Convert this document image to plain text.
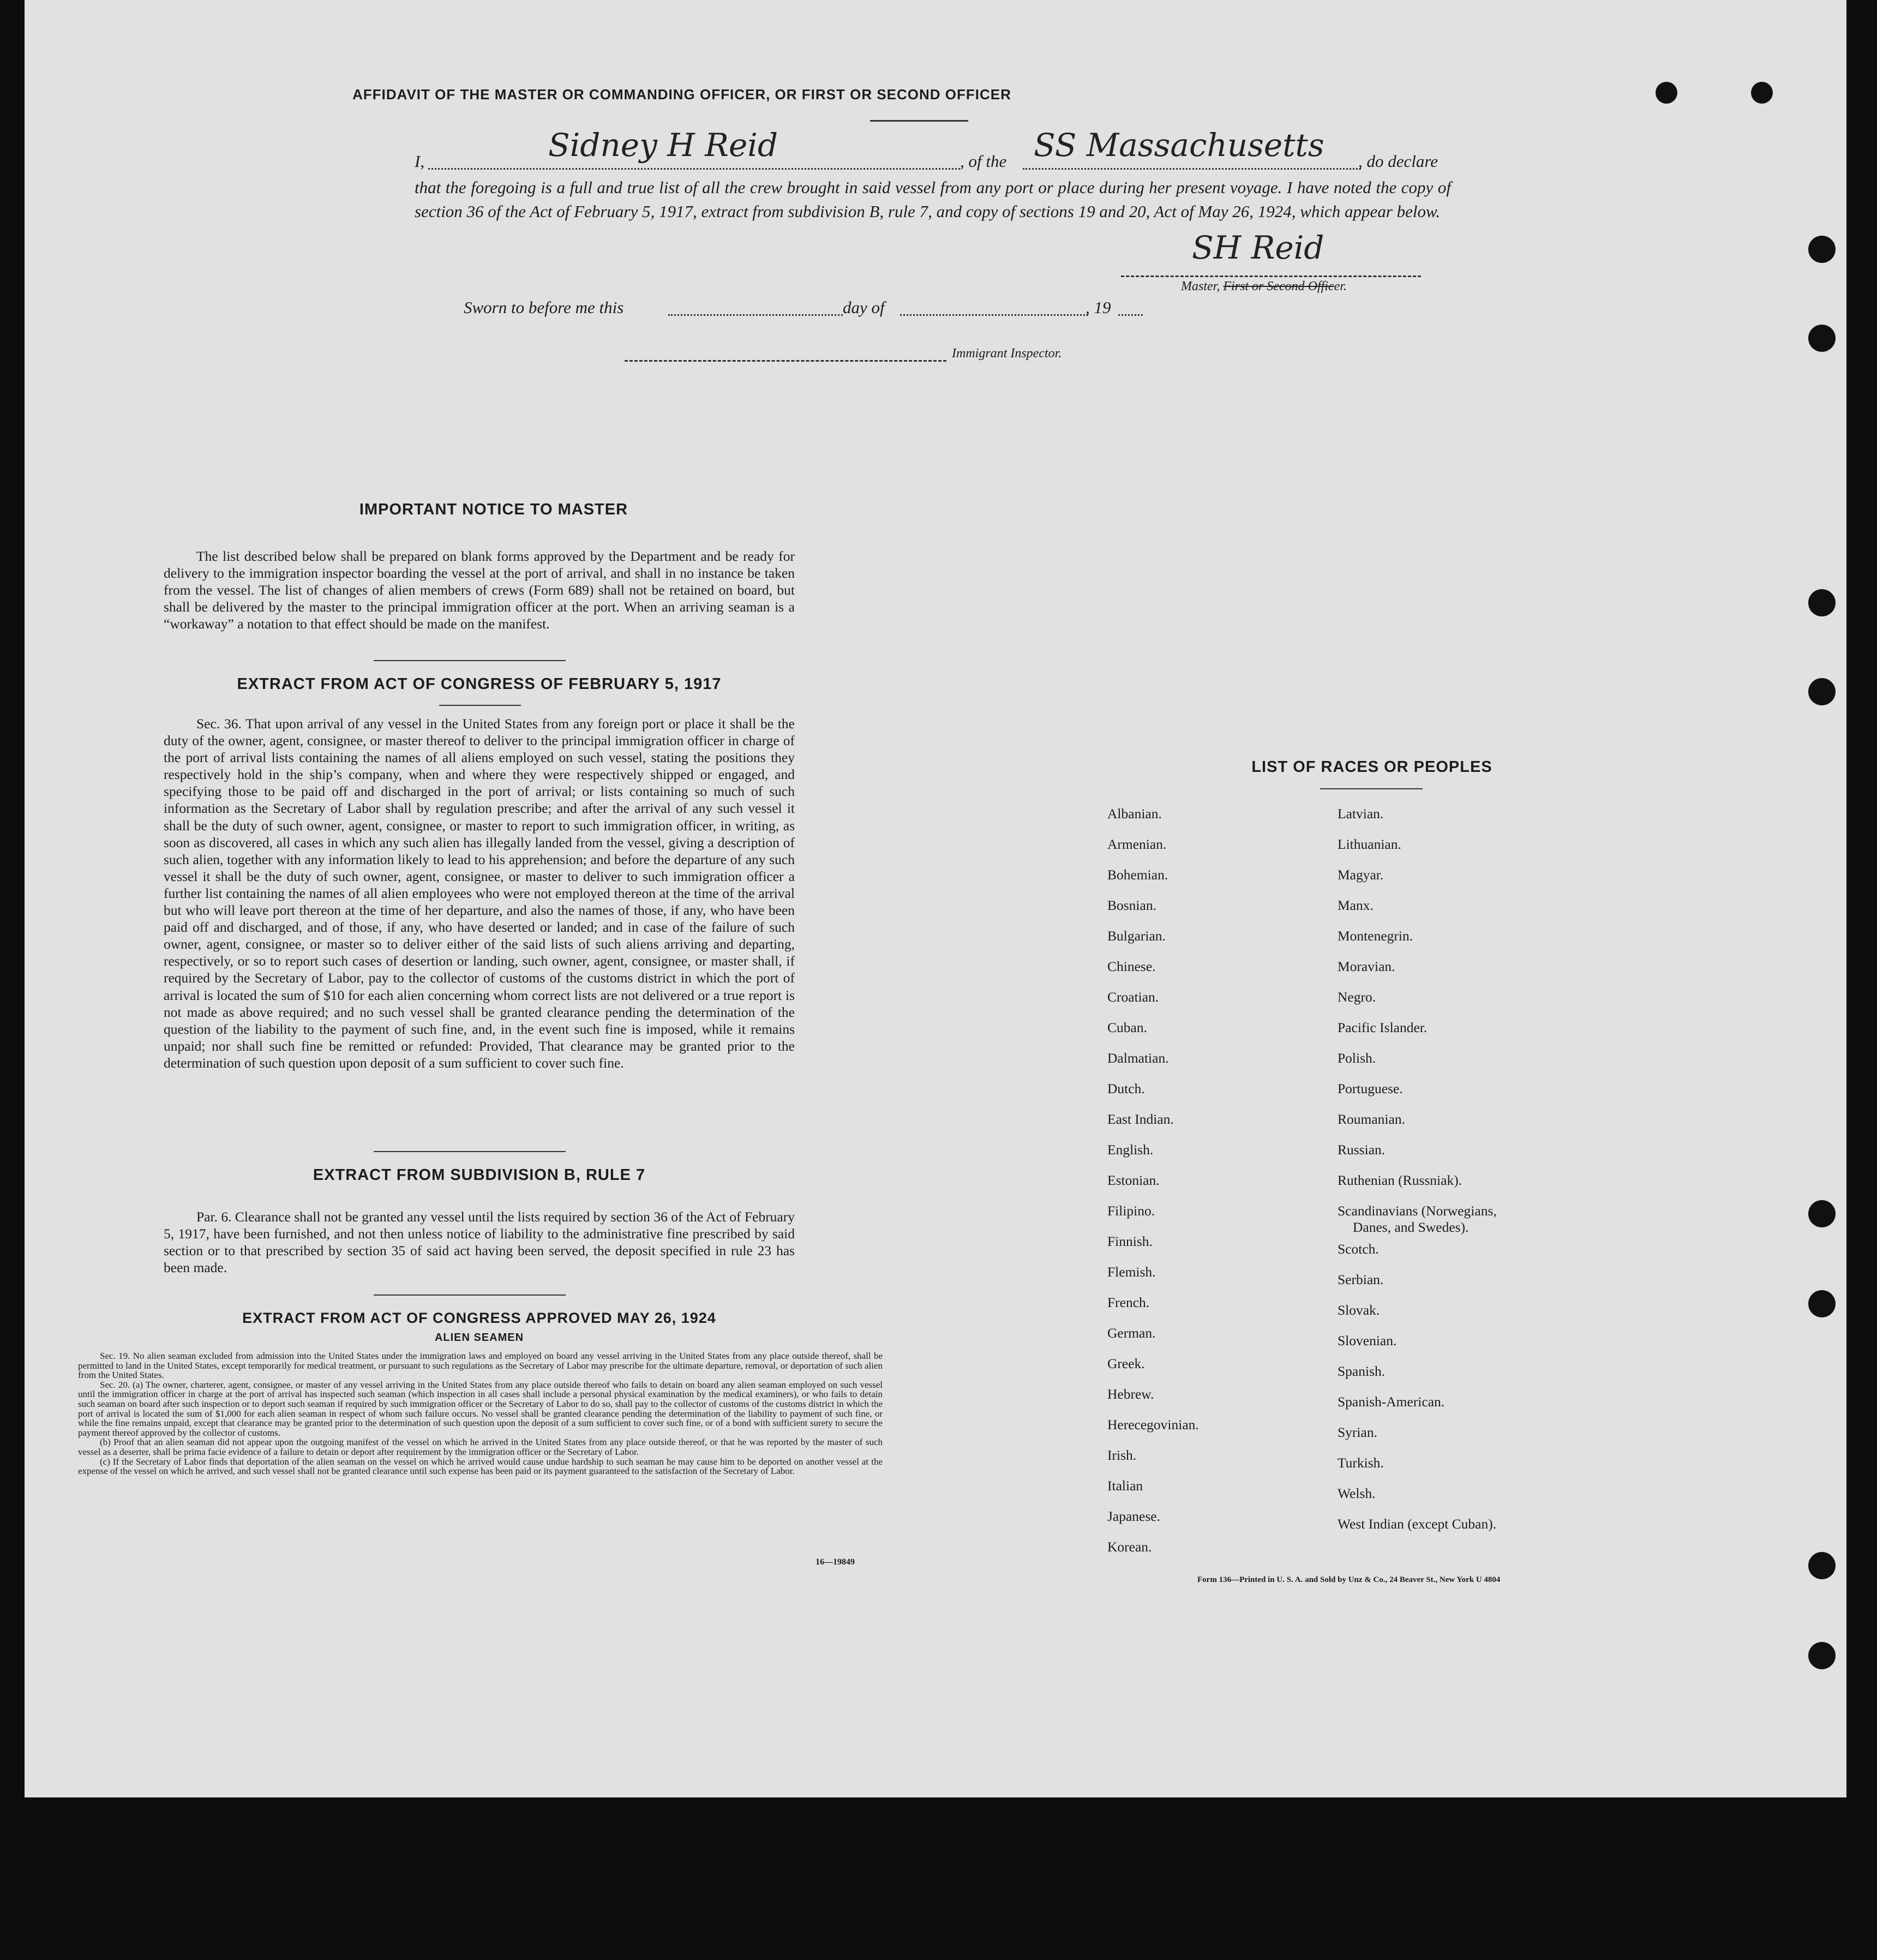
AFFIDAVIT OF THE MASTER OR COMMANDING OFFICER, OR FIRST OR SECOND OFFICER
I,	Sidney H Reid	, of the SS Massachusetts , do declare
that the foregoing is a full and true list of all the crew brought in said vessel from any port or place during her present voyage. I have noted the copy of section 36 of the Act of February 5, 1917, extract from subdivision B, rule 7, and copy of sections 19 and 20, Act of May 26, 1924, which appear below.
SH Reid
Master, First or Second Officer.
Sworn to before me this	day of	, 19
Immigrant Inspector.
IMPORTANT NOTICE TO MASTER
The list described below shall be prepared on blank forms approved by the Department and be ready for delivery to the immigration inspector boarding the vessel at the port of arrival, and shall in no instance be taken from the vessel. The list of changes of alien members of crews (Form 689) shall not be retained on board, but shall be delivered by the master to the principal immigration officer at the port. When an arriving seaman is a “workaway” a notation to that effect should be made on the manifest.
EXTRACT FROM ACT OF CONGRESS OF FEBRUARY 5, 1917
Sec. 36. That upon arrival of any vessel in the United States from any foreign port or place it shall be the duty of the owner, agent, consignee, or master thereof to deliver to the principal immigration officer in charge of the port of arrival lists containing the names of all aliens employed on such vessel, stating the positions they respectively hold in the ship’s company, when and where they were respectively shipped or engaged, and specifying those to be paid off and discharged in the port of arrival; or lists containing so much of such information as the Secretary of Labor shall by regulation prescribe; and after the arrival of any such vessel it shall be the duty of such owner, agent, consignee, or master to report to such immigration officer, in writing, as soon as discovered, all cases in which any such alien has illegally landed from the vessel, giving a description of such alien, together with any information likely to lead to his apprehension; and before the departure of any such vessel it shall be the duty of such owner, agent, consignee, or master to deliver to such immigration officer a further list containing the names of all alien employees who were not employed thereon at the time of the arrival but who will leave port thereon at the time of her departure, and also the names of those, if any, who have been paid off and discharged, and of those, if any, who have deserted or landed; and in case of the failure of such owner, agent, consignee, or master so to deliver either of the said lists of such aliens arriving and departing, respectively, or so to report such cases of desertion or landing, such owner, agent, consignee, or master shall, if required by the Secretary of Labor, pay to the collector of customs of the customs district in which the port of arrival is located the sum of $10 for each alien concerning whom correct lists are not delivered or a true report is not made as above required; and no such vessel shall be granted clearance pending the determination of the question of the liability to the payment of such fine, and, in the event such fine is imposed, while it remains unpaid; nor shall such fine be remitted or refunded: Provided, That clearance may be granted prior to the determination of such question upon deposit of a sum sufficient to cover such fine.
EXTRACT FROM SUBDIVISION B, RULE 7
Par. 6. Clearance shall not be granted any vessel until the lists required by section 36 of the Act of February 5, 1917, have been furnished, and not then unless notice of liability to the administrative fine prescribed by said section or to that prescribed by section 35 of said act having been served, the deposit specified in rule 23 has been made.
EXTRACT FROM ACT OF CONGRESS APPROVED MAY 26, 1924
ALIEN SEAMEN

Sec. 19. No alien seaman excluded from admission into the United States under the immigration laws and employed on board any vessel arriving in the United States from any place outside thereof, shall be permitted to land in the United States, except temporarily for medical treatment, or pursuant to such regulations as the Secretary of Labor may prescribe for the ultimate departure, removal, or deportation of such alien from the United States.

Sec. 20. (a) The owner, charterer, agent, consignee, or master of any vessel arriving in the United States from any place outside thereof who fails to detain on board any alien seaman employed on such vessel until the immigration officer in charge at the port of arrival has inspected such seaman (which inspection in all cases shall include a personal physical examination by the medical examiners), or who fails to detain such seaman on board after such inspection or to deport such seaman if required by such immigration officer or the Secretary of Labor to do so, shall pay to the collector of customs of the customs district in which the port of arrival is located the sum of $1,000 for each alien seaman in respect of whom such failure occurs. No vessel shall be granted clearance pending the determination of the liability to payment of such fine, or while the fine remains unpaid, except that clearance may be granted prior to the determination of such question upon the deposit of a sum sufficient to cover such fine, or of a bond with sufficient surety to secure the payment thereof approved by the collector of customs.

(b) Proof that an alien seaman did not appear upon the outgoing manifest of the vessel on which he arrived in the United States from any place outside thereof, or that he was reported by the master of such vessel as a deserter, shall be prima facie evidence of a failure to detain or deport after requirement by the immigration officer or the Secretary of Labor.

(c) If the Secretary of Labor finds that deportation of the alien seaman on the vessel on which he arrived would cause undue hardship to such seaman he may cause him to be deported on another vessel at the expense of the vessel on which he arrived, and such vessel shall not be granted clearance until such expense has been paid or its payment guaranteed to the satisfaction of the Secretary of Labor.

16—19849
LIST OF RACES OR PEOPLES
Form 136—Printed in U. S. A. and Sold by Unz & Co., 24 Beaver St., New York U 4804
Albanian.
Armenian.
Bohemian.
Bosnian.
Bulgarian.
Chinese.
Croatian.
Cuban.
Dalmatian.
Dutch.
East Indian.
English.
Estonian.
Filipino.
Finnish.
Flemish.
French.
German.
Greek.
Hebrew.
Herecegovinian.
Irish.
Italian
Japanese.
Korean.
Latvian.
Lithuanian.
Magyar.
Manx.
Montenegrin.
Moravian.
Negro.
Pacific Islander.
Polish.
Portuguese.
Roumanian.
Russian.
Ruthenian (Russniak).
Scandinavians (Norwegians,
Danes, and Swedes).
Scotch.
Serbian.
Slovak.
Slovenian.
Spanish.
Spanish-American.
Syrian.
Turkish.
Welsh.
West Indian (except Cuban).
